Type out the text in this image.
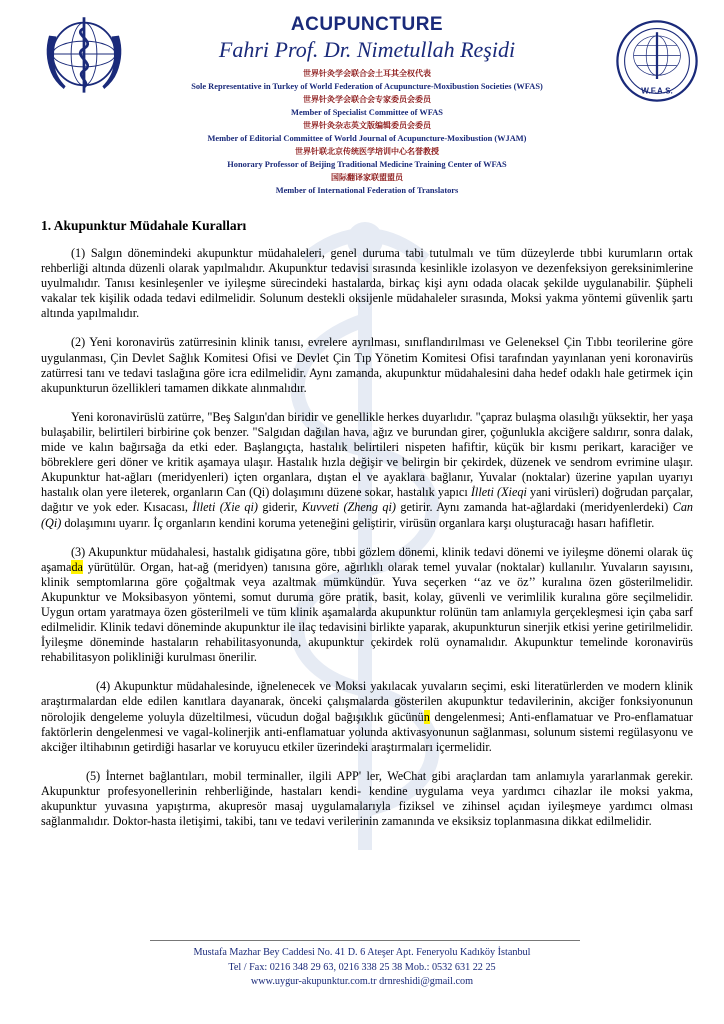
W.F.A.S.
ACUPUNCTURE
Fahri Prof. Dr. Nimetullah Reşidi
世界针灸学会联合会土耳其全权代表
Sole Representative in Turkey of World Federation of Acupuncture-Moxibustion Societies (WFAS)
世界针灸学会联合会专家委员会委员
Member of Specialist Committee of WFAS
世界针灸杂志英文版编辑委员会委员
Member of Editorial Committee of World Journal of Acupuncture-Moxibustion (WJAM)
世界针联北京传统医学培训中心名誉教授
Honorary Professor of Beijing Traditional Medicine Training Center of WFAS
国际翻译家联盟盟员
Member of International Federation of Translators
1. Akupunktur Müdahale Kuralları

(1) Salgın dönemindeki akupunktur müdahaleleri, genel duruma tabi tutulmalı ve tüm düzeylerde tıbbi kurumların ortak rehberliği altında düzenli olarak yapılmalıdır. Akupunktur tedavisi sırasında kesinlikle izolasyon ve dezenfeksiyon gereksinimlerine uyulmalıdır. Tanısı kesinleşenler ve iyileşme sürecindeki hastalarda, birkaç kişi aynı odada olacak şekilde uygulanabilir. Şüpheli vakalar tek kişilik odada tedavi edilmelidir. Solunum destekli oksijenle müdahaleler sırasında, Moksi yakma yöntemi güvenlik şartı altında yapılmalıdır.

(2) Yeni koronavirüs zatürresinin klinik tanısı, evrelere ayrılması, sınıflandırılması ve Geleneksel Çin Tıbbı teorilerine göre uygulanması, Çin Devlet Sağlık Komitesi Ofisi ve Devlet Çin Tıp Yönetim Komitesi Ofisi tarafından yayınlanan yeni koronavirüs zatürresi tanı ve tedavi taslağına göre icra edilmelidir. Aynı zamanda, akupunktur müdahalesini daha hedef odaklı hale getirmek için akupunkturun özellikleri tamamen dikkate alınmalıdır.

Yeni koronavirüslü zatürre, "Beş Salgın'dan biridir ve genellikle herkes duyarlıdır. "çapraz bulaşma olasılığı yüksektir, her yaşa bulaşabilir, belirtileri birbirine çok benzer. "Salgıdan dağılan hava, ağız ve burundan girer, çoğunlukla akciğere saldırır, sonra dalak, mide ve kalın bağırsağa da etki eder. Başlangıçta, hastalık belirtileri nispeten hafiftir, küçük bir kısmı perikart, karaciğer ve böbreklere geri döner ve kritik aşamaya ulaşır. Hastalık hızla değişir ve belirgin bir çekirdek, düzenek ve sendrom evrimine ulaşır. Akupunktur hat-ağları (meridyenleri) içten organlara, dıştan el ve ayaklara bağlanır, Yuvalar (noktalar) üzerine yapılan uyarıyı hastalık olan yere ileterek, organların Can (Qi) dolaşımını düzene sokar, hastalık yapıcı İlleti (Xieqi yani virüsleri) doğrudan parçalar, dağıtır ve yok eder. Kısacası, İlleti (Xie qi) giderir, Kuvveti (Zheng qi) getirir. Aynı zamanda hat-ağlardaki (meridyenlerdeki) Can (Qi) dolaşımını uyarır. İç organların kendini koruma yeteneğini geliştirir, virüsün organlara karşı oluşturacağı hasarı hafifletir.

(3) Akupunktur müdahalesi, hastalık gidişatına göre, tıbbi gözlem dönemi, klinik tedavi dönemi ve iyileşme dönemi olarak üç aşamada yürütülür. Organ, hat-ağ (meridyen) tanısına göre, ağırlıklı olarak temel yuvalar (noktalar) kullanılır. Yuvaların sayısını, klinik semptomlarına göre çoğaltmak veya azaltmak mümkündür. Yuva seçerken ‘‘az ve öz’’ kuralına özen gösterilmelidir. Akupunktur ve Moksibasyon yöntemi, somut duruma göre pratik, basit, kolay, güvenli ve verimlilik kuralına göre seçilmelidir. Uygun ortam yaratmaya özen gösterilmeli ve tüm klinik aşamalarda akupunktur rolünün tam anlamıyla gerçekleşmesi için çaba sarf edilmelidir. Klinik tedavi döneminde akupunktur ile ilaç tedavisini birlikte yaparak, akupunkturun sinerjik etkisi yerine getirilmelidir. İyileşme döneminde hastaların rehabilitasyonunda, akupunktur çekirdek rolü oynamalıdır. Akupunktur temelinde koronavirüs rehabilitasyon polikliniği kurulması önerilir.

(4) Akupunktur müdahalesinde, iğnelenecek ve Moksi yakılacak yuvaların seçimi, eski literatürlerden ve modern klinik araştırmalardan elde edilen kanıtlara dayanarak, önceki çalışmalarda gösterilen akupunktur tedavilerinin, akciğer fonksiyonunun nörolojik dengeleme yoluyla düzeltilmesi, vücudun doğal bağışıklık gücünün dengelenmesi; Anti-enflamatuar ve Pro-enflamatuar faktörlerin dengelenmesi ve vagal-kolinerjik anti-enflamatuar yolunda aktivasyonunun sağlanması, solunum sistemi regülasyonu ve akciğer iltihabının getirdiği hasarlar ve koruyucu etkiler üzerindeki araştırmaları içermelidir.

(5) İnternet bağlantıları, mobil terminaller, ilgili APP' ler, WeChat gibi araçlardan tam anlamıyla yararlanmak gerekir. Akupunktur profesyonellerinin rehberliğinde, hastaları kendi- kendine uygulama veya yardımcı cihazlar ile moksi yakma, akupunktur yuvasına yapıştırma, akupresör masaj uygulamalarıyla fiziksel ve zihinsel açıdan iyileşmeye yardımcı olması sağlanmalıdır. Doktor-hasta iletişimi, takibi, tanı ve tedavi verilerinin zamanında ve eksiksiz toplanmasına dikkat edilmelidir.

Mustafa Mazhar Bey Caddesi No. 41 D. 6 Ateşer Apt. Feneryolu Kadıköy İstanbul
Tel / Fax: 0216 348 29 63, 0216 338 25 38 Mob.: 0532 631 22 25
www.uygur-akupunktur.com.tr drnreshidi@gmail.com
